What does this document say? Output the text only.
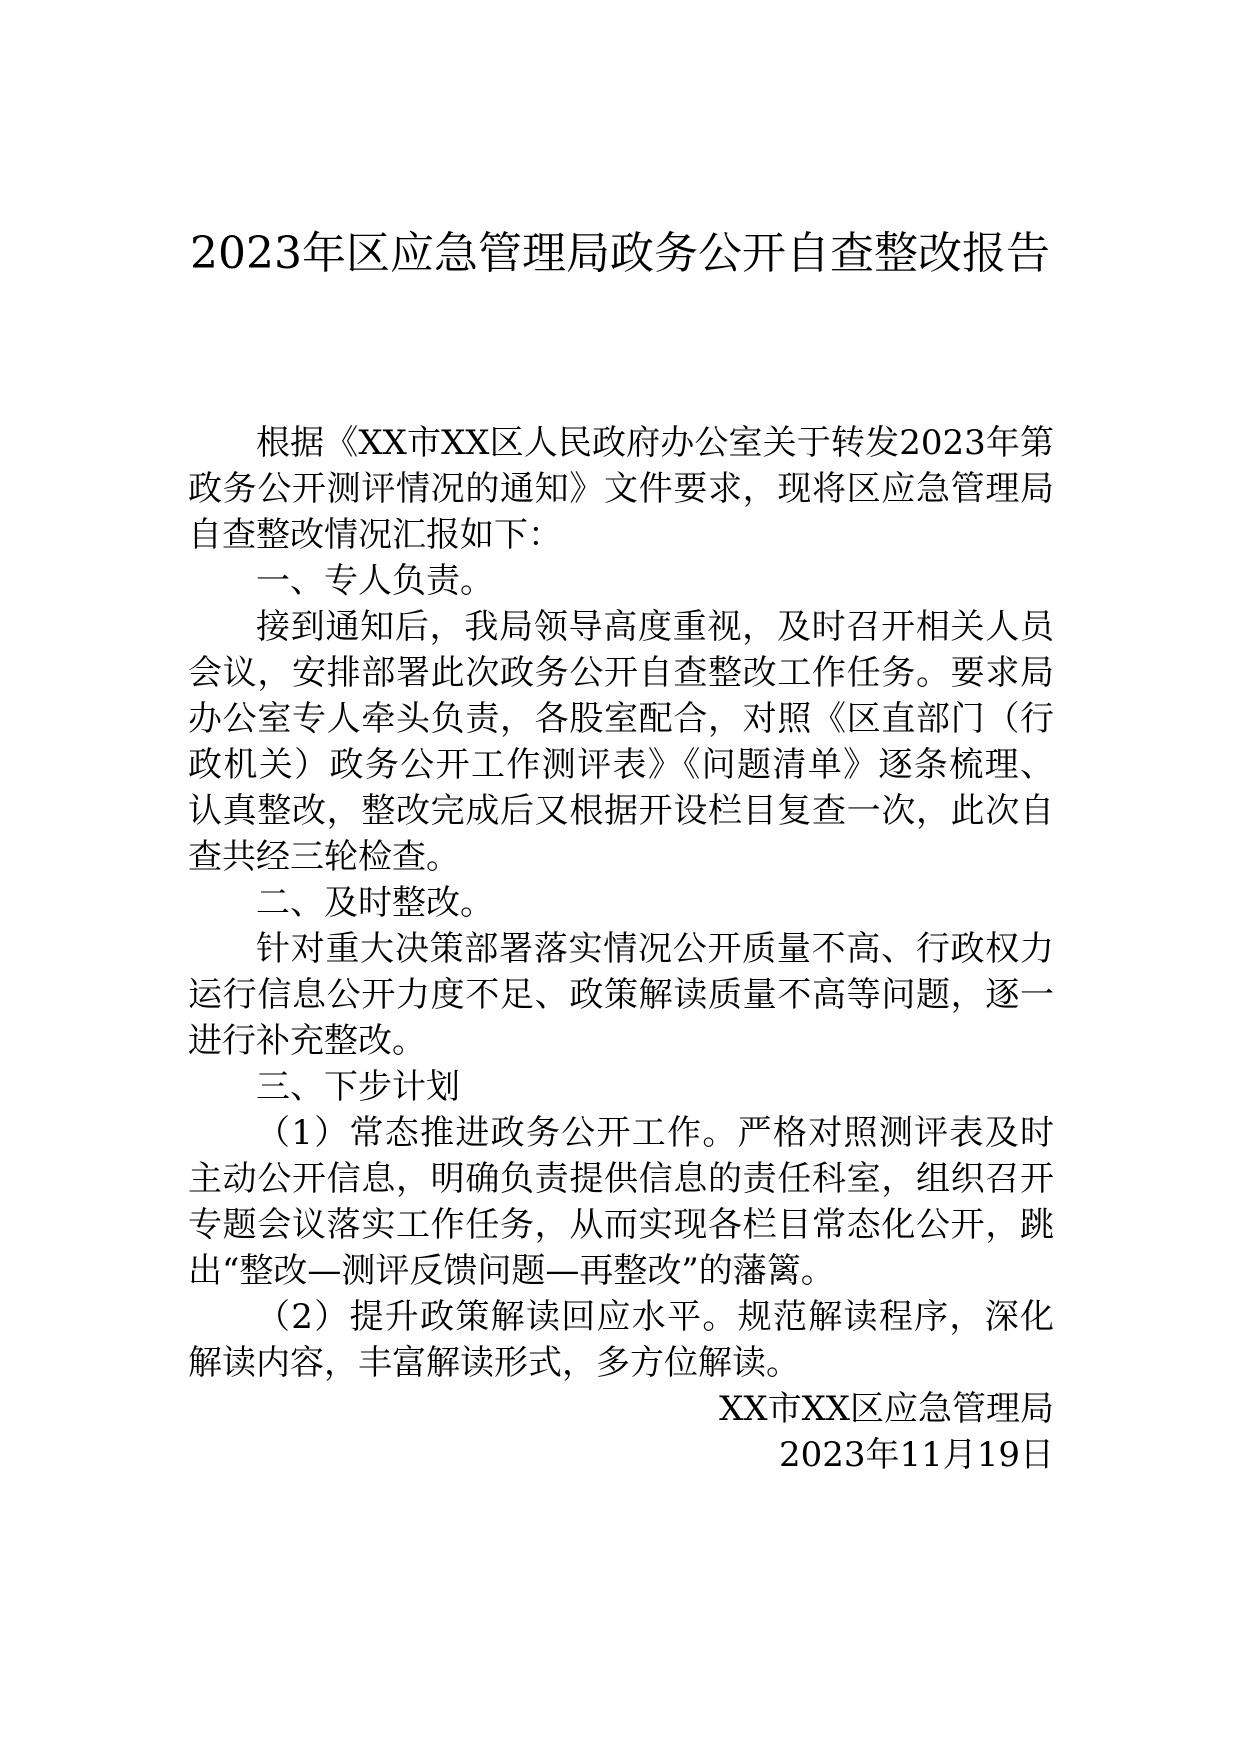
2023年区应急管理局政务公开自查整改报告

根据《XX市XX区人民政府办公室关于转发2023年第政务公开测评情况的通知》文件要求，现将区应急管理局自查整改情况汇报如下：

一、专人负责。

接到通知后，我局领导高度重视，及时召开相关人员会议，安排部署此次政务公开自查整改工作任务。要求局办公室专人牵头负责，各股室配合，对照《区直部门（行政机关）政务公开工作测评表》《问题清单》逐条梳理、认真整改，整改完成后又根据开设栏目复查一次，此次自查共经三轮检查。

二、及时整改。

针对重大决策部署落实情况公开质量不高、行政权力运行信息公开力度不足、政策解读质量不高等问题，逐一进行补充整改。

三、下步计划

（1）常态推进政务公开工作。严格对照测评表及时主动公开信息，明确负责提供信息的责任科室，组织召开专题会议落实工作任务，从而实现各栏目常态化公开，跳出“整改—测评反馈问题—再整改”的藩篱。

（2）提升政策解读回应水平。规范解读程序，深化解读内容，丰富解读形式，多方位解读。

XX市XX区应急管理局

2023年11月19日
